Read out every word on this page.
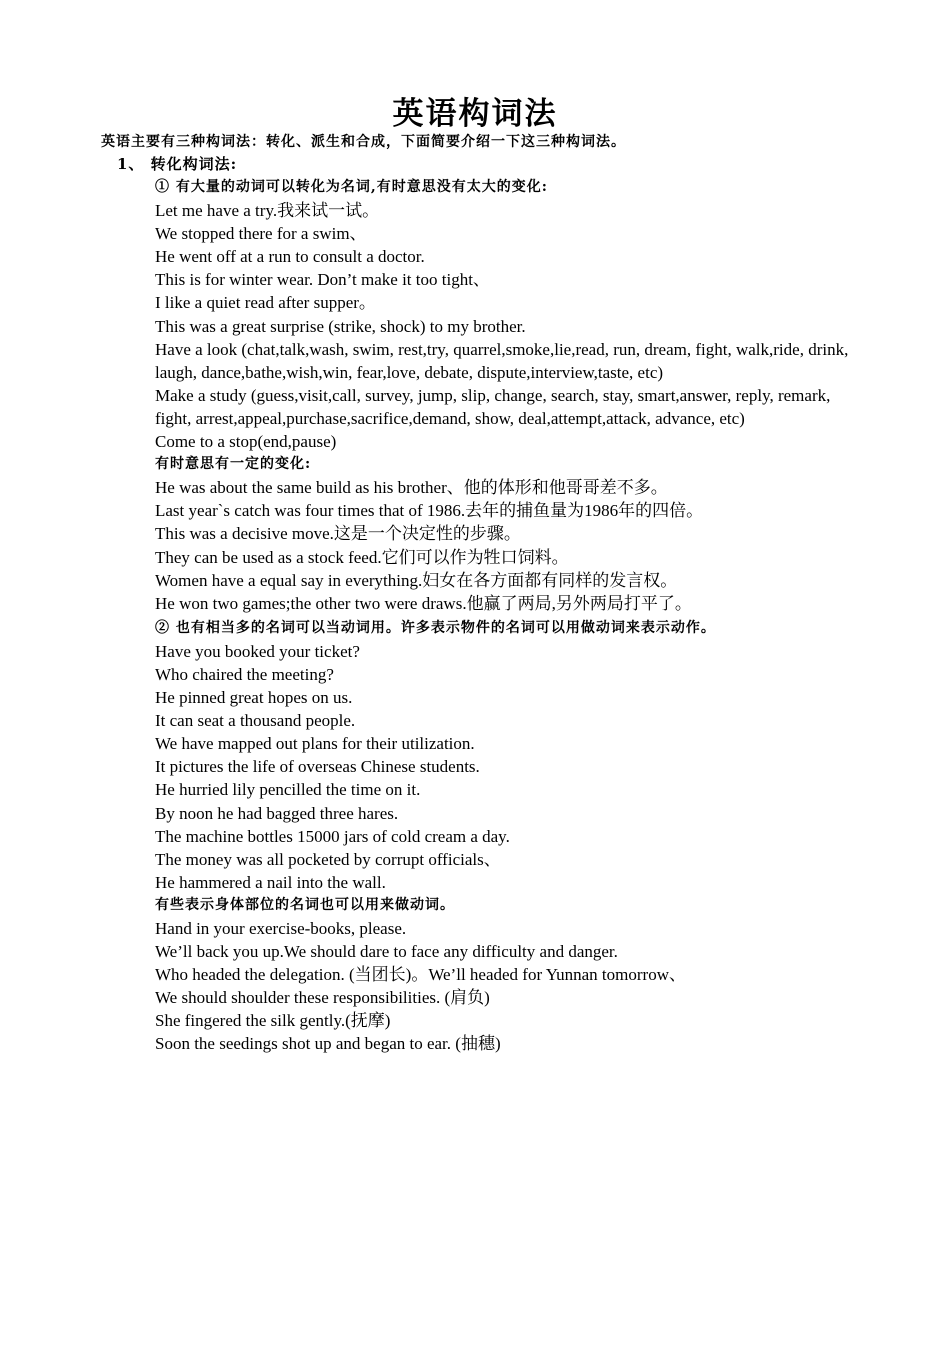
英语构词法
英语主要有三种构词法：转化、派生和合成，下面简要介绍一下这三种构词法。
1、 转化构词法:
① 有大量的动词可以转化为名词,有时意思没有太大的变化:
Let me have a try.我来试一试。
We stopped there for a swim、
He went off at a run to consult a doctor.
This is for winter wear. Don’t make it too tight、
I like a quiet read after supper。
This was a great surprise (strike, shock) to my brother.
Have a look (chat,talk,wash, swim, rest,try, quarrel,smoke,lie,read, run, dream, fight, walk,ride, drink, laugh, dance,bathe,wish,win, fear,love, debate, dispute,interview,taste, etc)
Make a study (guess,visit,call, survey, jump, slip, change, search, stay, smart,answer, reply, remark, fight, arrest,appeal,purchase,sacrifice,demand, show, deal,attempt,attack, advance, etc)
Come to a stop(end,pause)
有时意思有一定的变化:
He was about the same build as his brother、他的体形和他哥哥差不多。
Last year`s catch was four times that of 1986.去年的捕鱼量为1986年的四倍。
This was a decisive move.这是一个决定性的步骤。
They can be used as a stock feed.它们可以作为牲口饲料。
Women have a equal say in everything.妇女在各方面都有同样的发言权。
He won two games;the other two were draws.他赢了两局,另外两局打平了。
② 也有相当多的名词可以当动词用。许多表示物件的名词可以用做动词来表示动作。
Have you booked your ticket?
Who chaired the meeting?
He pinned great hopes on us.
It can seat a thousand people.
We have mapped out plans for their utilization.
It pictures the life of overseas Chinese students.
He hurried lily pencilled the time on it.
By noon he had bagged three hares.
The machine bottles 15000 jars of cold cream a day.
The money was all pocketed by corrupt officials、
He hammered a nail into the wall.
有些表示身体部位的名词也可以用来做动词。
Hand in your exercise-books, please.
We’ll back you up.We should dare to face any difficulty and danger.
Who headed the delegation. (当团长)。We’ll headed for Yunnan tomorrow、
We should shoulder these responsibilities. (肩负)
She fingered the silk gently.(抚摩)
Soon the seedings shot up and began to ear. (抽穗)
